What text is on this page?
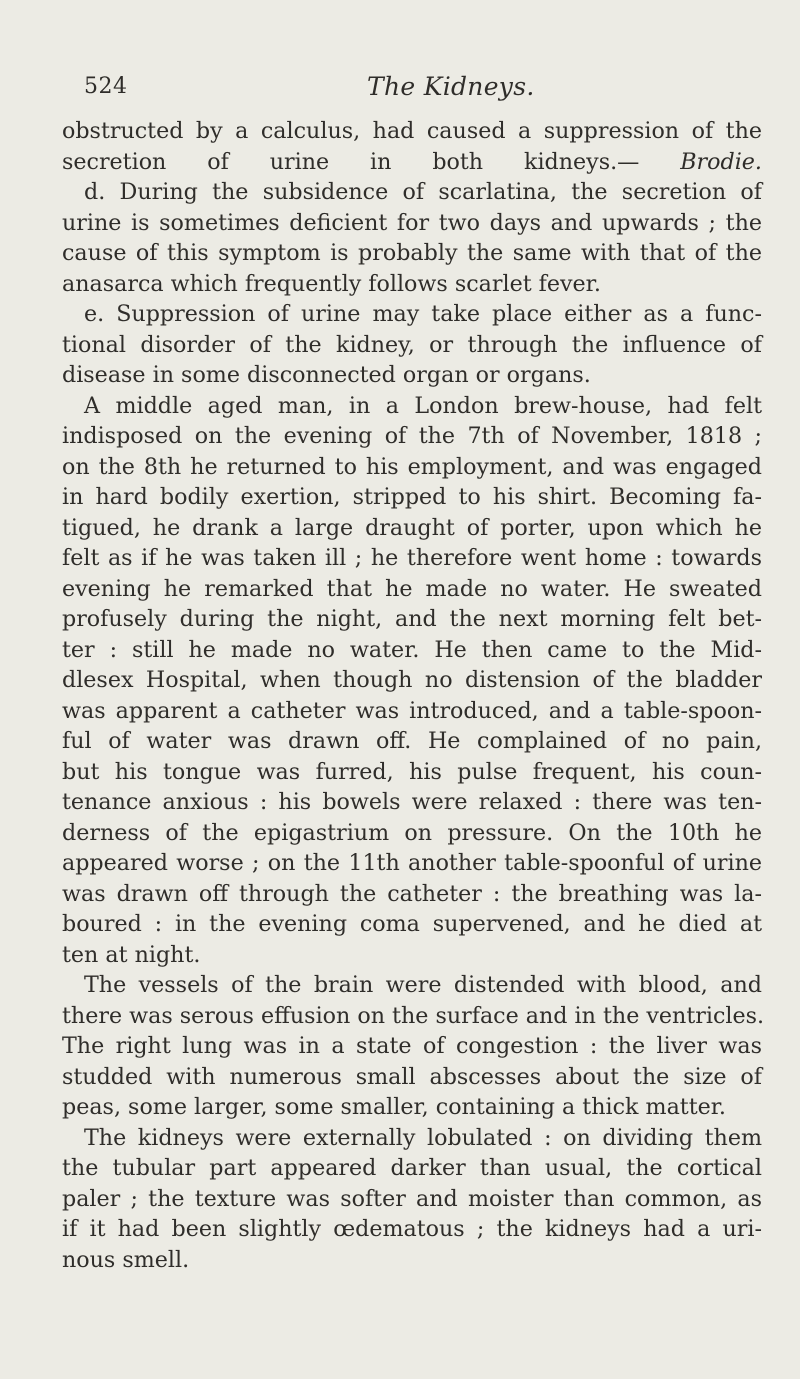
524	The Kidneys.
obstructed by a calculus, had caused a suppression of the
secretion of urine in both kidneys.— Brodie.
d. During the subsidence of scarlatina, the secretion of
urine is sometimes deficient for two days and upwards ; the
cause of this symptom is probably the same with that of the
anasarca which frequently follows scarlet fever.
e. Suppression of urine may take place either as a func-
tional disorder of the kidney, or through the influence of
disease in some disconnected organ or organs.
A middle aged man, in a London brew-house, had felt
indisposed on the evening of the 7th of November, 1818 ;
on the 8th he returned to his employment, and was engaged
in hard bodily exertion, stripped to his shirt. Becoming fa-
tigued, he drank a large draught of porter, upon which he
felt as if he was taken ill ; he therefore went home : towards
evening he remarked that he made no water. He sweated
profusely during the night, and the next morning felt bet-
ter : still he made no water. He then came to the Mid-
dlesex Hospital, when though no distension of the bladder
was apparent a catheter was introduced, and a table-spoon-
ful of water was drawn off. He complained of no pain,
but his tongue was furred, his pulse frequent, his coun-
tenance anxious : his bowels were relaxed : there was ten-
derness of the epigastrium on pressure. On the 10th he
appeared worse ; on the 11th another table-spoonful of urine
was drawn off through the catheter : the breathing was la-
boured : in the evening coma supervened, and he died at
ten at night.
The vessels of the brain were distended with blood, and
there was serous effusion on the surface and in the ventricles.
The right lung was in a state of congestion : the liver was
studded with numerous small abscesses about the size of
peas, some larger, some smaller, containing a thick matter.
The kidneys were externally lobulated : on dividing them
the tubular part appeared darker than usual, the cortical
paler ; the texture was softer and moister than common, as
if it had been slightly œdematous ; the kidneys had a uri-
nous smell.
